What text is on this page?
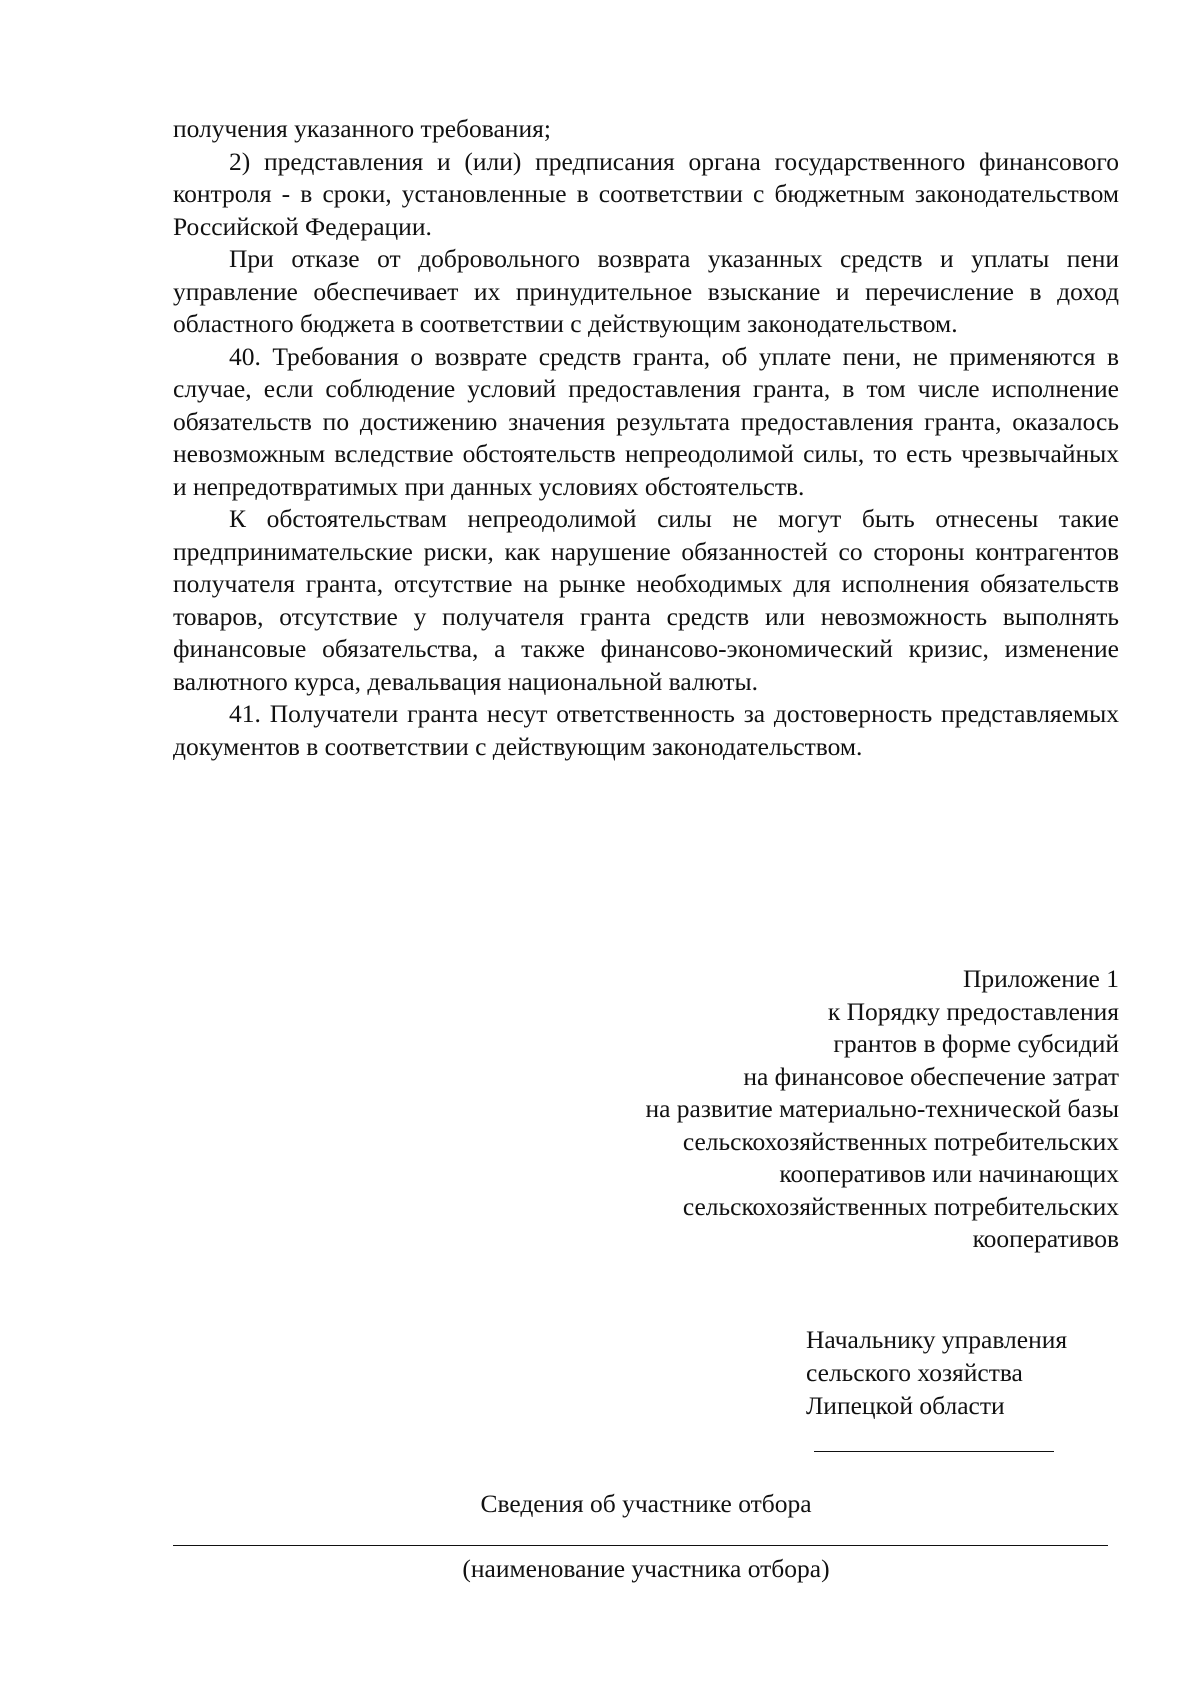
получения указанного требования;

2) представления и (или) предписания органа государственного финансового контроля - в сроки, установленные в соответствии с бюджетным законодательством Российской Федерации.

При отказе от добровольного возврата указанных средств и уплаты пени управление обеспечивает их принудительное взыскание и перечисление в доход областного бюджета в соответствии с действующим законодательством.

40. Требования о возврате средств гранта, об уплате пени, не применяются в случае, если соблюдение условий предоставления гранта, в том числе исполнение обязательств по достижению значения результата предоставления гранта, оказалось невозможным вследствие обстоятельств непреодолимой силы, то есть чрезвычайных и непредотвратимых при данных условиях обстоятельств.

К обстоятельствам непреодолимой силы не могут быть отнесены такие предпринимательские риски, как нарушение обязанностей со стороны контрагентов получателя гранта, отсутствие на рынке необходимых для исполнения обязательств товаров, отсутствие у получателя гранта средств или невозможность выполнять финансовые обязательства, а также финансово-экономический кризис, изменение валютного курса, девальвация национальной валюты.

41. Получатели гранта несут ответственность за достоверность представляемых документов в соответствии с действующим законодательством.

Приложение 1
к Порядку предоставления
грантов в форме субсидий
на финансовое обеспечение затрат
на развитие материально-технической базы
сельскохозяйственных потребительских
кооперативов или начинающих
сельскохозяйственных потребительских
кооперативов
Начальнику управления
сельского хозяйства
Липецкой области
Сведения об участнике отбора
(наименование участника отбора)
